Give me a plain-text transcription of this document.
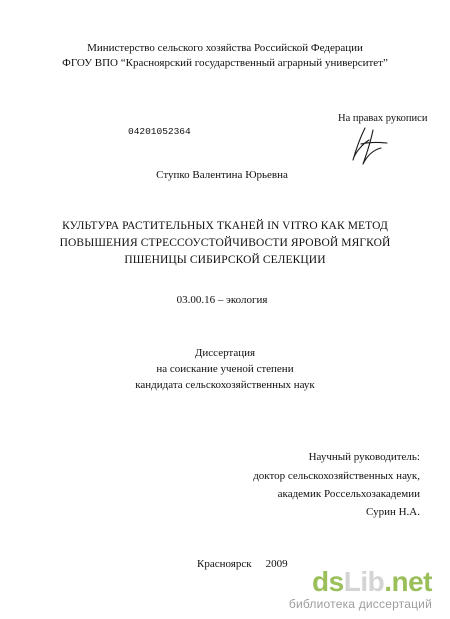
Министерство сельского хозяйства Российской Федерации
ФГОУ ВПО “Красноярский государственный аграрный университет”
На правах рукописи
04201052364
Ступко Валентина Юрьевна
КУЛЬТУРА РАСТИТЕЛЬНЫХ ТКАНЕЙ IN VITRO КАК МЕТОД
ПОВЫШЕНИЯ СТРЕССОУСТОЙЧИВОСТИ ЯРОВОЙ МЯГКОЙ
ПШЕНИЦЫ СИБИРСКОЙ СЕЛЕКЦИИ
03.00.16 – экология
Диссертация
на соискание ученой степени
кандидата сельскохозяйственных наук
Научный руководитель:
доктор сельскохозяйственных наук,
академик Россельхозакадемии
Сурин Н.А.
Красноярск 2009
dsLib.net
библиотека диссертаций
